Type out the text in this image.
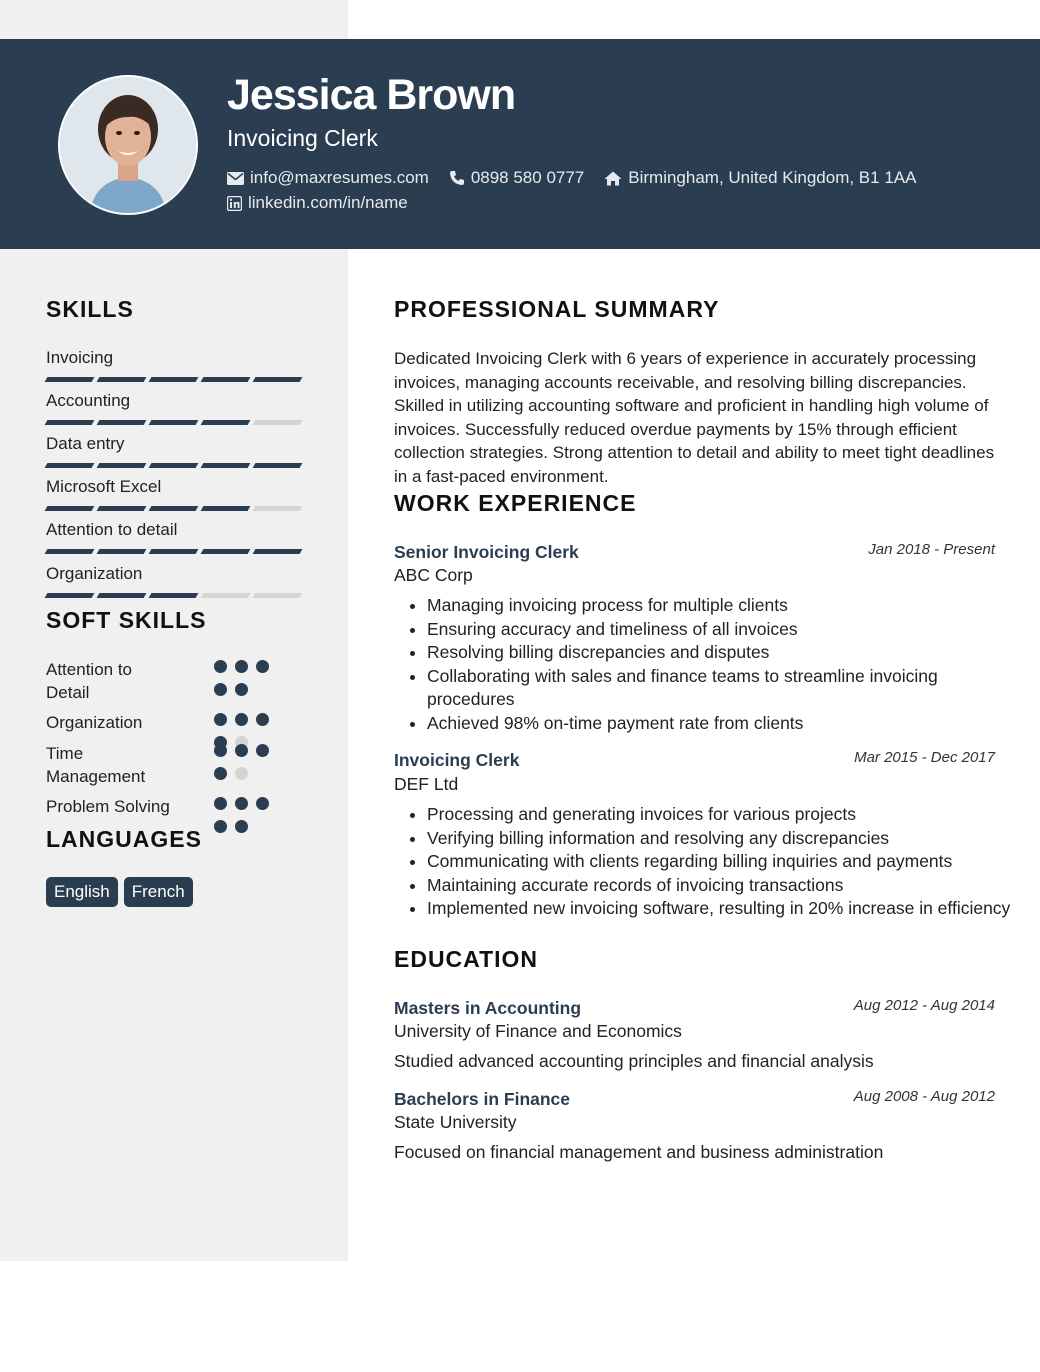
Jessica Brown
Invoicing Clerk
info@maxresumes.com 0898 580 0777	Birmingham, United Kingdom, B1 1AA
linkedin.com/in/name
SKILLS
Invoicing
Accounting
Data entry
Microsoft Excel
Attention to detail
Organization
SOFT SKILLS
Attention to Detail
Organization
Time Management
Problem Solving
LANGUAGES
English	French
PROFESSIONAL SUMMARY

Dedicated Invoicing Clerk with 6 years of experience in accurately processing invoices, managing accounts receivable, and resolving billing discrepancies. Skilled in utilizing accounting software and proficient in handling high volume of invoices. Successfully reduced overdue payments by 15% through efficient collection strategies. Strong attention to detail and ability to meet tight deadlines in a fast-paced environment.

WORK EXPERIENCE
Senior Invoicing Clerk	Jan 2018 - Present
ABC Corp
• Managing invoicing process for multiple clients
• Ensuring accuracy and timeliness of all invoices
• Resolving billing discrepancies and disputes
• Collaborating with sales and finance teams to streamline invoicing procedures
• Achieved 98% on-time payment rate from clients
Invoicing Clerk	Mar 2015 - Dec 2017
DEF Ltd
• Processing and generating invoices for various projects
• Verifying billing information and resolving any discrepancies
• Communicating with clients regarding billing inquiries and payments
• Maintaining accurate records of invoicing transactions
• Implemented new invoicing software, resulting in 20% increase in efficiency
EDUCATION
Masters in Accounting	Aug 2012 - Aug 2014
University of Finance and Economics
Studied advanced accounting principles and financial analysis
Bachelors in Finance	Aug 2008 - Aug 2012
State University
Focused on financial management and business administration
